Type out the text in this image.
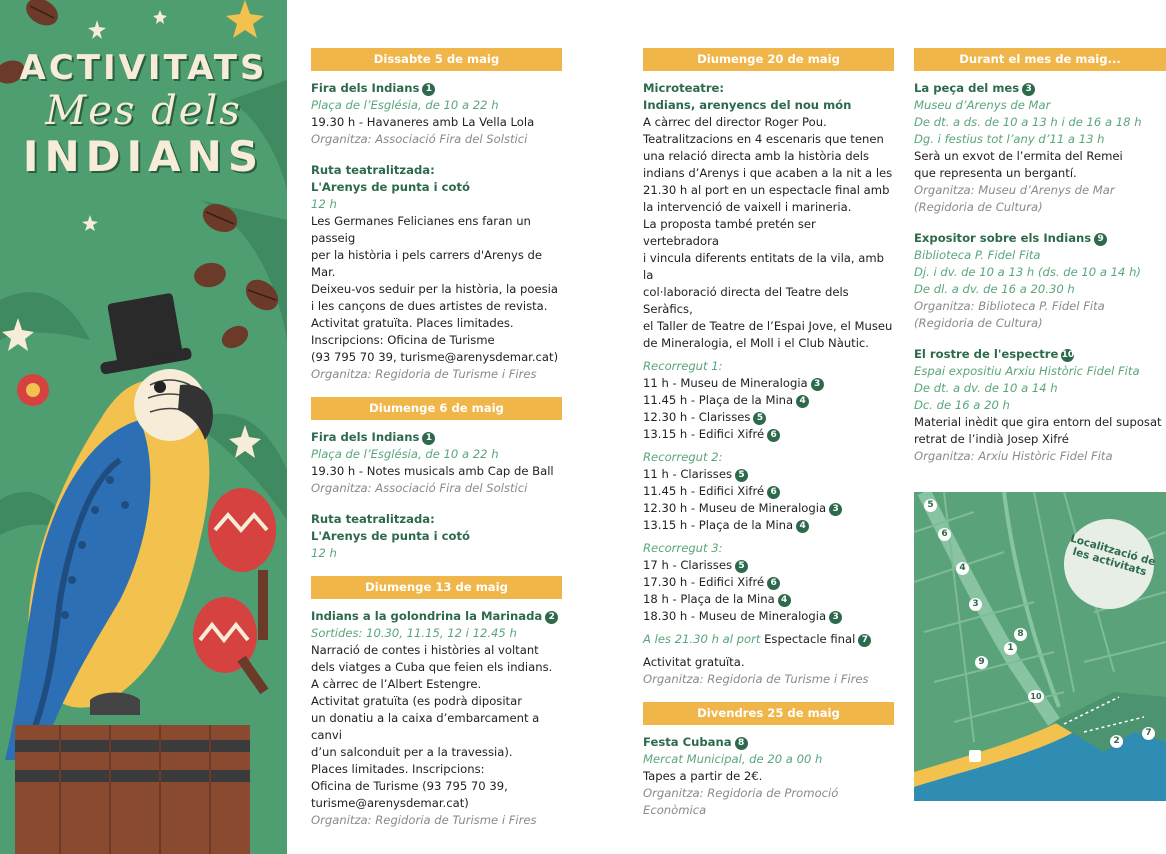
ACTIVITATS
Mes dels
INDIANS
Dissabte 5 de maig
Fira dels Indians 1
Plaça de l’Església, de 10 a 22 h
19.30 h - Havaneres amb La Vella Lola
Organitza: Associació Fira del Solstici
Ruta teatralitzada:
L'Arenys de punta i cotó
12 h
Les Germanes Felicianes ens faran un passeig
per la història i pels carrers d'Arenys de Mar.
Deixeu-vos seduir per la història, la poesia
i les cançons de dues artistes de revista.
Activitat gratuïta. Places limitades.
Inscripcions: Oficina de Turisme
(93 795 70 39, turisme@arenysdemar.cat)
Organitza: Regidoria de Turisme i Fires
Diumenge 6 de maig
Fira dels Indians 1
Plaça de l’Església, de 10 a 22 h
19.30 h - Notes musicals amb Cap de Ball
Organitza: Associació Fira del Solstici
Ruta teatralitzada:
L'Arenys de punta i cotó
12 h
Diumenge 13 de maig
Indians a la golondrina la Marinada 2
Sortides: 10.30, 11.15, 12 i 12.45 h
Narració de contes i històries al voltant
dels viatges a Cuba que feien els indians.
A càrrec de l’Albert Estengre.
Activitat gratuïta (es podrà dipositar
un donatiu a la caixa d’embarcament a canvi
d’un salconduit per a la travessia).
Places limitades. Inscripcions:
Oficina de Turisme (93 795 70 39,
turisme@arenysdemar.cat)
Organitza: Regidoria de Turisme i Fires
Diumenge 20 de maig
Microteatre:
Indians, arenyencs del nou món
A càrrec del director Roger Pou.
Teatralitzacions en 4 escenaris que tenen
una relació directa amb la història dels
indians d’Arenys i que acaben a la nit a les
21.30 h al port en un espectacle final amb
la intervenció de vaixell i marineria.
La proposta també pretén ser vertebradora
i vincula diferents entitats de la vila, amb la
col·laboració directa del Teatre dels Seràfics,
el Taller de Teatre de l’Espai Jove, el Museu
de Mineralogia, el Moll i el Club Nàutic.
Recorregut 1:
11 h - Museu de Mineralogia 3
11.45 h - Plaça de la Mina 4
12.30 h - Clarisses 5
13.15 h - Edifici Xifré 6
Recorregut 2:
11 h - Clarisses 5
11.45 h - Edifici Xifré 6
12.30 h - Museu de Mineralogia 3
13.15 h - Plaça de la Mina 4
Recorregut 3:
17 h - Clarisses 5
17.30 h - Edifici Xifré 6
18 h - Plaça de la Mina 4
18.30 h - Museu de Mineralogia 3
A les 21.30 h al port Espectacle final 7
Activitat gratuïta.
Organitza: Regidoria de Turisme i Fires
Divendres 25 de maig
Festa Cubana 8
Mercat Municipal, de 20 a 00 h
Tapes a partir de 2€.
Organitza: Regidoria de Promoció
Econòmica
Durant el mes de maig...
La peça del mes 3
Museu d’Arenys de Mar
De dt. a ds. de 10 a 13 h i de 16 a 18 h
Dg. i festius tot l’any d’11 a 13 h
Serà un exvot de l’ermita del Remei
que representa un bergantí.
Organitza: Museu d’Arenys de Mar
(Regidoria de Cultura)
Expositor sobre els Indians 9
Biblioteca P. Fidel Fita
Dj. i dv. de 10 a 13 h (ds. de 10 a 14 h)
De dl. a dv. de 16 a 20.30 h
Organitza: Biblioteca P. Fidel Fita
(Regidoria de Cultura)
El rostre de l'espectre 10
Espai expositiu Arxiu Històric Fidel Fita
De dt. a dv. de 10 a 14 h
Dc. de 16 a 20 h
Material inèdit que gira entorn del suposat
retrat de l’indià Josep Xifré
Organitza: Arxiu Històric Fidel Fita
5
6
4
3
8
1
9
10
2
7
Localització de les activitats
